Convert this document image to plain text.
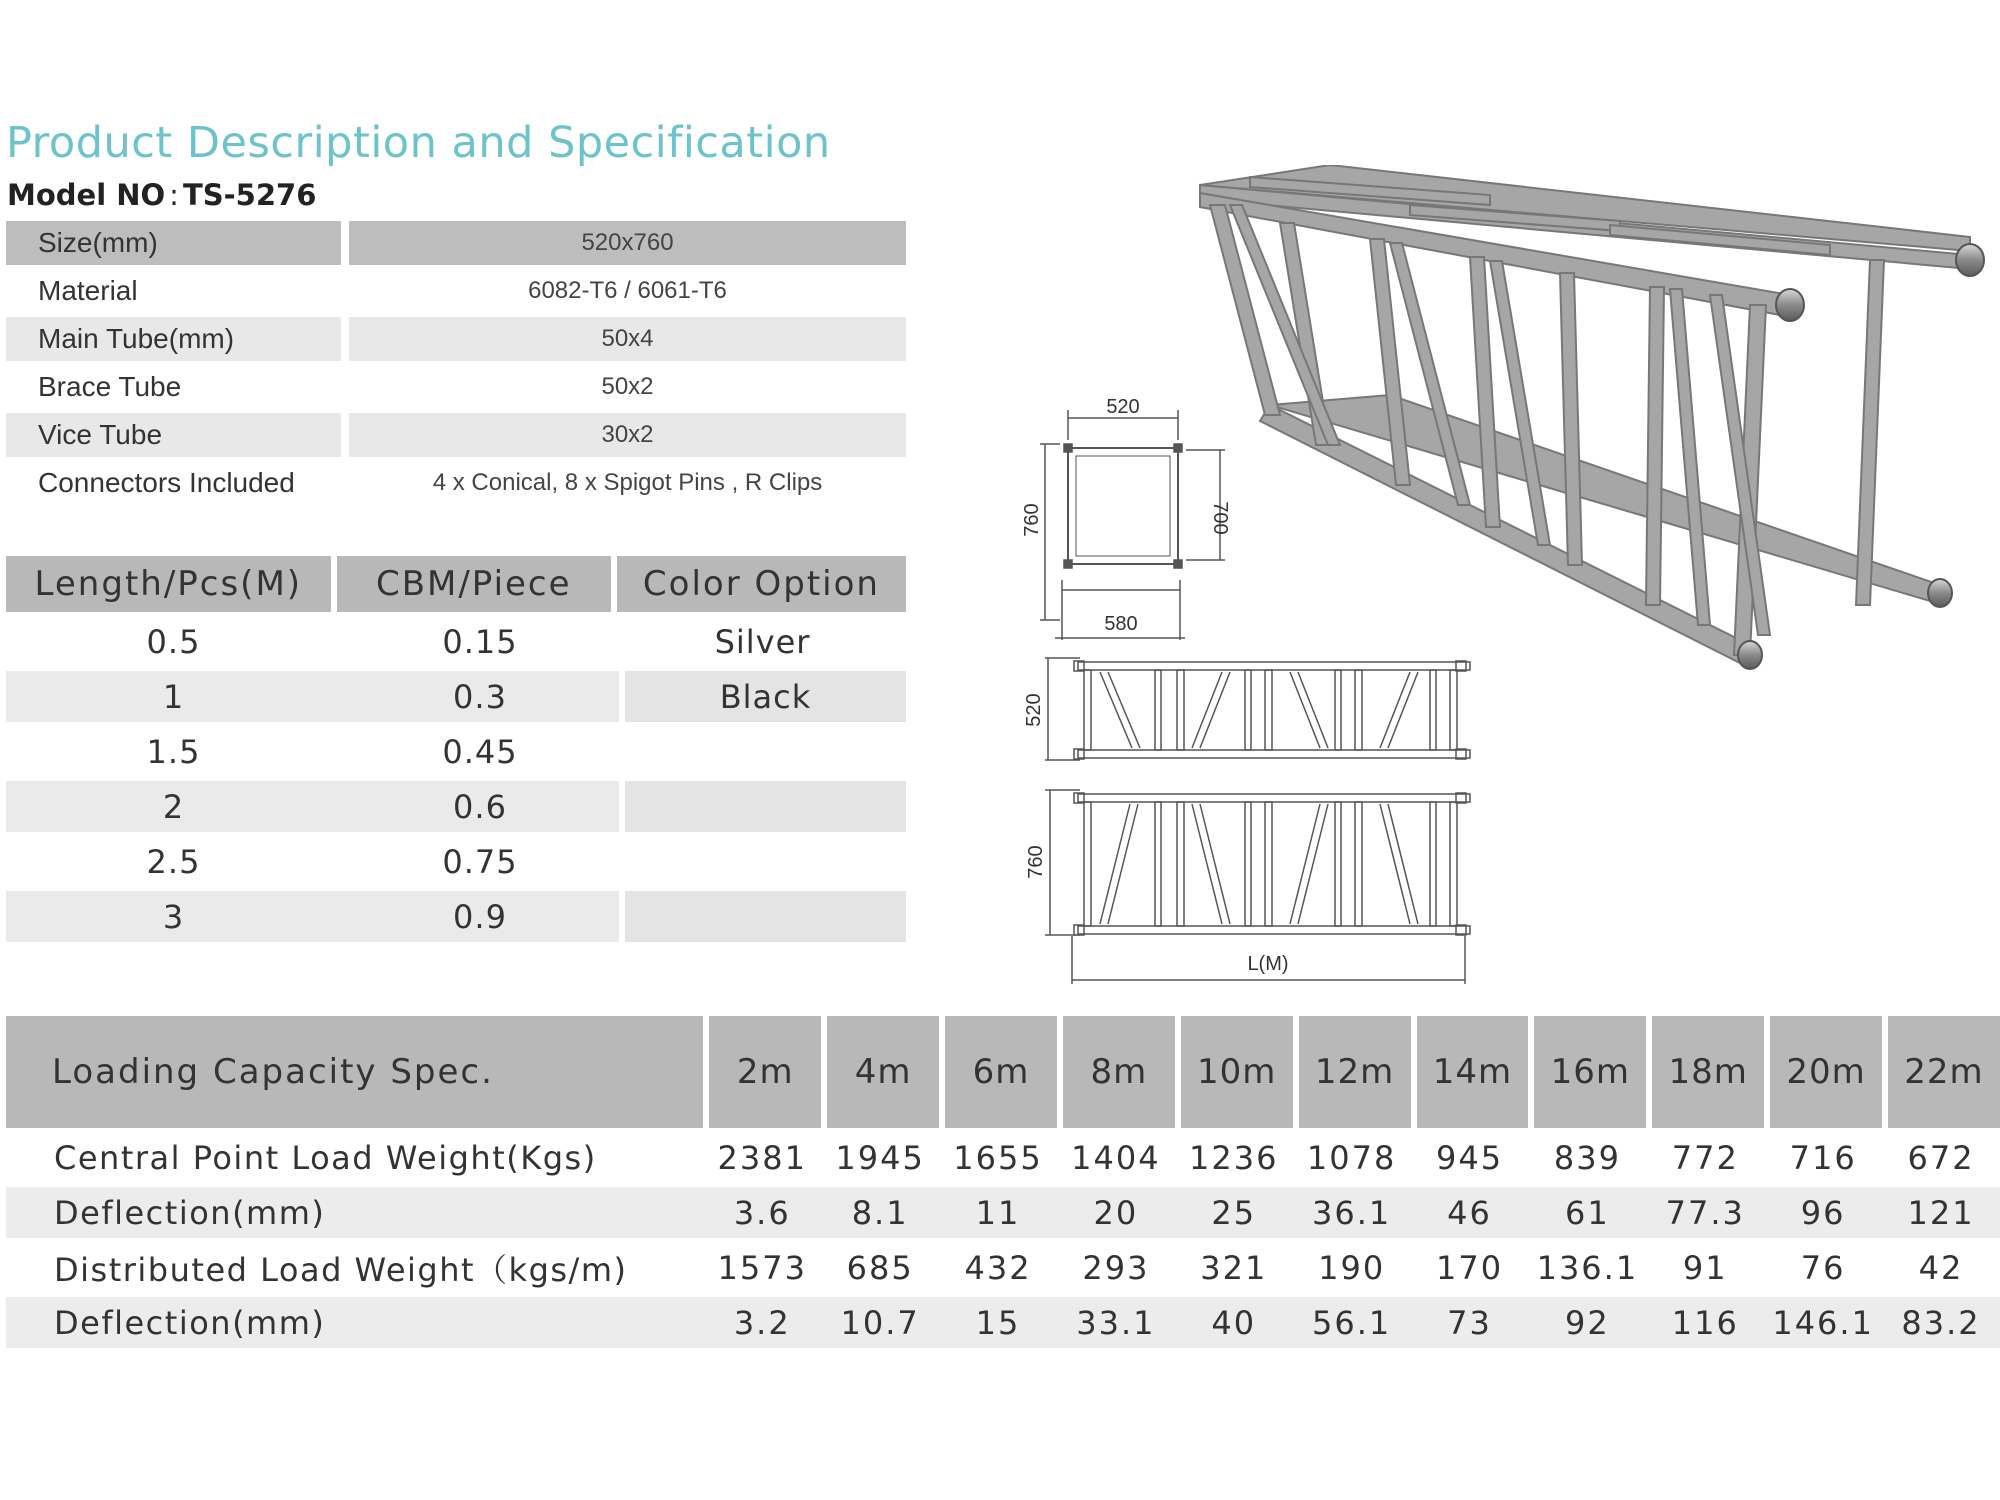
Product Description and Specification
Model NO : TS-5276
Size(mm)	520x760
Material	6082-T6 / 6061-T6
Main Tube(mm)	50x4
Brace Tube	50x2
Vice Tube	30x2
Connectors Included	4 x Conical, 8 x Spigot Pins , R Clips
Length/Pcs(M)	CBM/Piece	Color Option
0.5	0.15	Silver
1	0.3	Black
1.5	0.45
2	0.6
2.5	0.75
3	0.9
520
580
760	700
520
760
L(M)
Loading Capacity Spec.	2m	4m	6m	8m	10m	12m	14m	16m	18m	20m	22m
Central Point Load Weight(Kgs)	2381 1945 1655 1404 1236 1078	945	839	772	716	672
Deflection(mm)	3.6	8.1	11	20	25	36.1	46	61	77.3	96	121
Distributed Load Weight（kgs/m)	1573	685	432	293	321	190	170	136.1	91	76	42
Deflection(mm)	3.2	10.7	15	33.1	40	56.1	73	92	116	146.1 83.2
